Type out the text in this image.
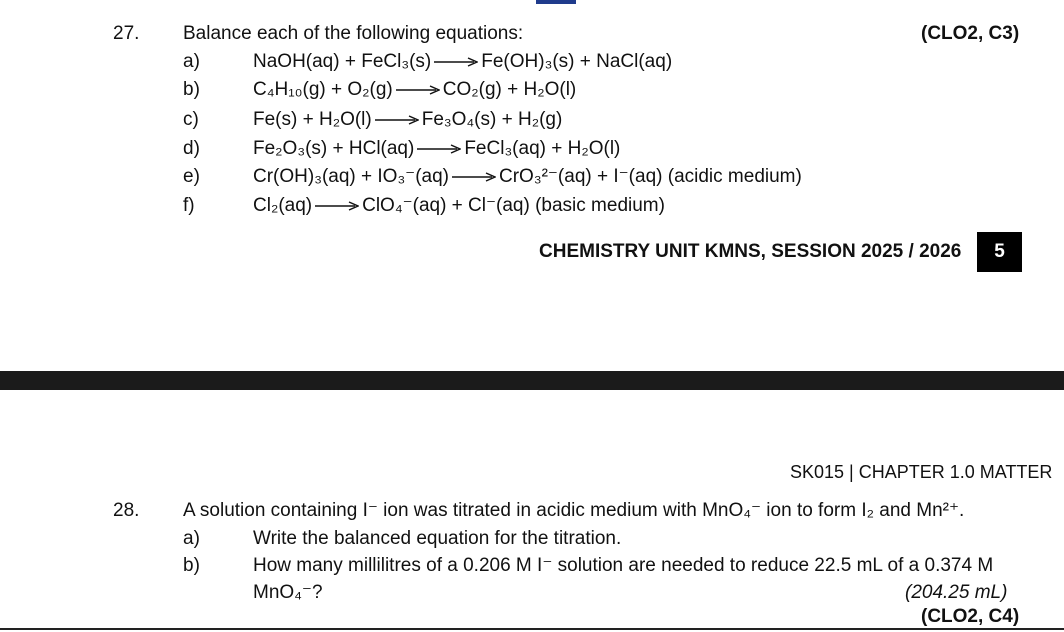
27. Balance each of the following equations:	(CLO2, C3)
a)	NaOH(aq) + FeCl₃(s) → Fe(OH)₃(s) + NaCl(aq)
b)	C₄H₁₀(g) + O₂(g) → CO₂(g) + H₂O(l)
c)	Fe(s) + H₂O(l) → Fe₃O₄(s) + H₂(g)
d)	Fe₂O₃(s) + HCl(aq) → FeCl₃(aq) + H₂O(l)
e)	Cr(OH)₃(aq) + IO₃⁻(aq) → CrO₃²⁻(aq) + I⁻(aq) (acidic medium)
f)	Cl₂(aq) → ClO₄⁻(aq) + Cl⁻(aq) (basic medium)
CHEMISTRY UNIT KMNS, SESSION 2025 / 2026 5
SK015 | CHAPTER 1.0 MATTER
28. A solution containing I⁻ ion was titrated in acidic medium with MnO₄⁻ ion to form I₂ and Mn²⁺.
a)	Write the balanced equation for the titration.
b)	How many millilitres of a 0.206 M I⁻ solution are needed to reduce 22.5 mL of a 0.374 M
MnO₄⁻?	(204.25 mL)
(CLO2, C4)
